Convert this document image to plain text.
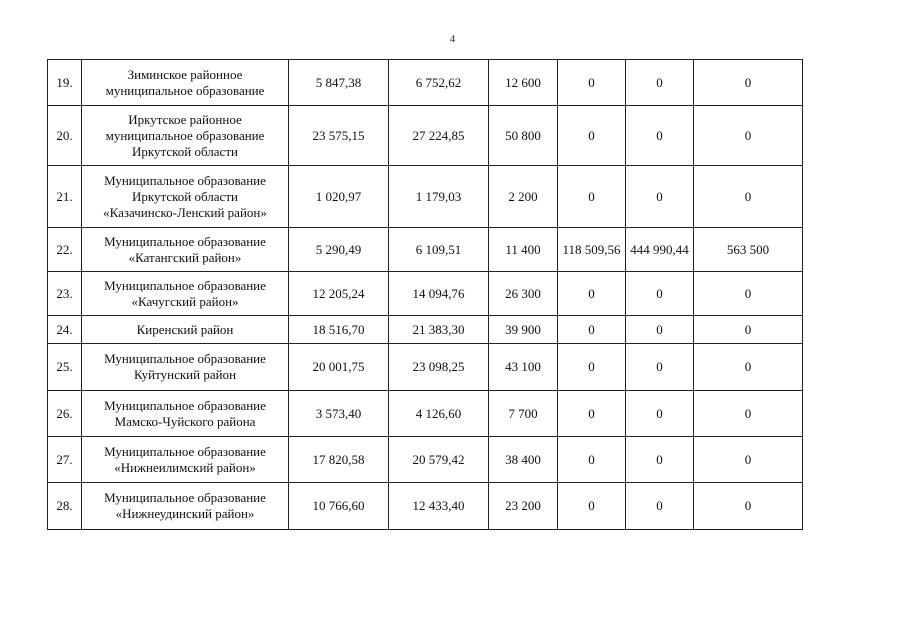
4
19.	Зиминское районное
муниципальное образование	5 847,38	6 752,62	12 600	0	0	0
20.	Иркутское районное
муниципальное образование
Иркутской области	23 575,15	27 224,85	50 800	0	0	0
21.	Муниципальное образование
Иркутской области
«Казачинско-Ленский район»	1 020,97	1 179,03	2 200	0	0	0
22.	Муниципальное образование
«Катангский район»	5 290,49	6 109,51	11 400	118 509,56	444 990,44	563 500
23.	Муниципальное образование
«Качугский район»	12 205,24	14 094,76	26 300	0	0	0
24.	Киренский район	18 516,70	21 383,30	39 900	0	0	0
25.	Муниципальное образование
Куйтунский район	20 001,75	23 098,25	43 100	0	0	0
26.	Муниципальное образование
Мамско-Чуйского района	3 573,40	4 126,60	7 700	0	0	0
27.	Муниципальное образование
«Нижнеилимский район»	17 820,58	20 579,42	38 400	0	0	0
28.	Муниципальное образование
«Нижнеудинский район»	10 766,60	12 433,40	23 200	0	0	0
